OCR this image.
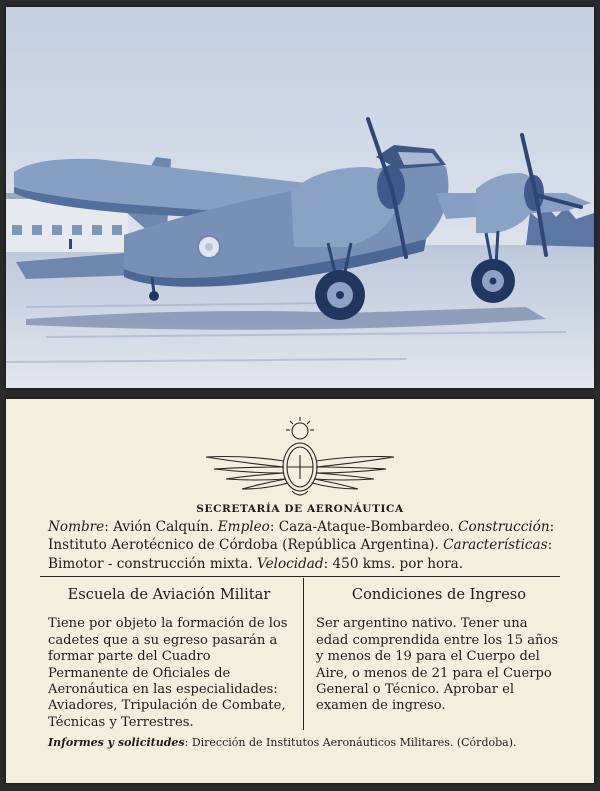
SECRETARÍA DE AERONÁUTICA
Nombre: Avión Calquín. Empleo: Caza-Ataque-Bombardeo. Construcción: Instituto Aerotécnico de Córdoba (República Argentina). Características: Bimotor - construcción mixta. Velocidad: 450 kms. por hora.
Escuela de Aviación Militar

Tiene por objeto la formación de los cadetes que a su egreso pasarán a formar parte del Cuadro Permanente de Oficiales de Aeronáutica en las especialidades: Aviadores, Tripulación de Combate, Técnicas y Terrestres.

Condiciones de Ingreso

Ser argentino nativo. Tener una edad comprendida entre los 15 años y menos de 19 para el Cuerpo del Aire, o menos de 21 para el Cuerpo General o Técnico. Aprobar el examen de ingreso.

Informes y solicitudes: Dirección de Institutos Aeronáuticos Militares. (Córdoba).
